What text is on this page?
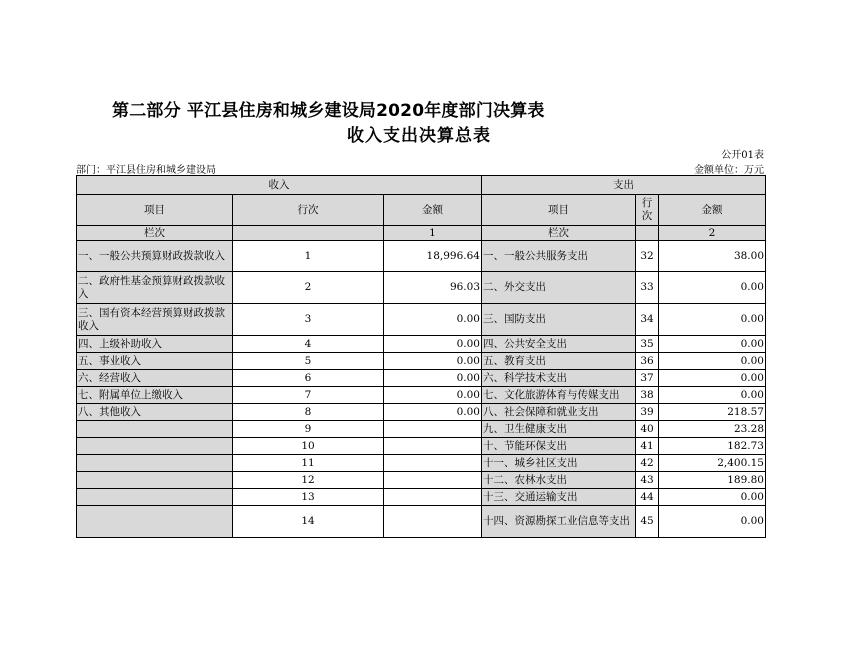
第二部分 平江县住房和城乡建设局2020年度部门决算表
收入支出决算总表
公开01表
部门：平江县住房和城乡建设局	金额单位：万元
收入			支出		
项目	行次	金额	项目	行次	金额
栏次		1	栏次		2
一、一般公共预算财政拨款收入	1	18,996.64	一、一般公共服务支出	32	38.00
二、政府性基金预算财政拨款收入	2	96.03	二、外交支出	33	0.00
三、国有资本经营预算财政拨款收入	3	0.00	三、国防支出	34	0.00
四、上级补助收入	4	0.00	四、公共安全支出	35	0.00
五、事业收入	5	0.00	五、教育支出	36	0.00
六、经营收入	6	0.00	六、科学技术支出	37	0.00
七、附属单位上缴收入	7	0.00	七、文化旅游体育与传媒支出	38	0.00
八、其他收入	8	0.00	八、社会保障和就业支出	39	218.57
	9		九、卫生健康支出	40	23.28
	10		十、节能环保支出	41	182.73
	11		十一、城乡社区支出	42	2,400.15
	12		十二、农林水支出	43	189.80
	13		十三、交通运输支出	44	0.00
	14		十四、资源勘探工业信息等支出	45	0.00
